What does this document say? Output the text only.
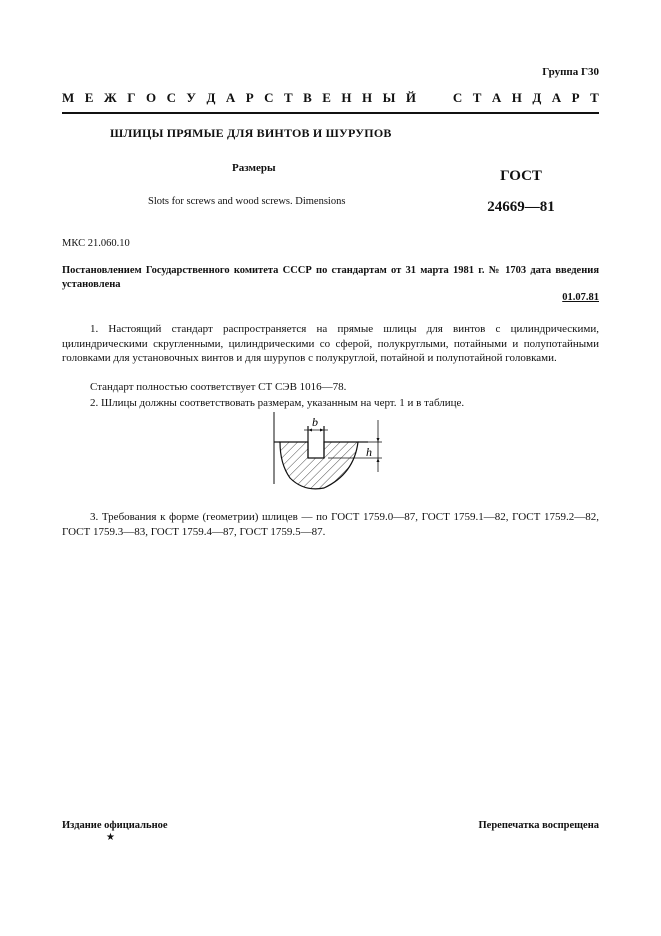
Группа Г30
М Е Ж Г О С У Д А Р С Т В Е Н Н Ы Й	С Т А Н Д А Р Т
ШЛИЦЫ ПРЯМЫЕ ДЛЯ ВИНТОВ И ШУРУПОВ
Размеры
Slots for screws and wood screws. Dimensions
ГОСТ
24669—81
МКС 21.060.10
Постановлением Государственного комитета СССР по стандартам от 31 марта 1981 г. № 1703 дата введения установлена
01.07.81
1. Настоящий стандарт распространяется на прямые шлицы для винтов с цилиндрическими, цилиндрическими скругленными, цилиндрическими со сферой, полукруглыми, потайными и полупотайными головками для установочных винтов и для шурупов с полукруглой, потайной и полупотайной головками.
Стандарт полностью соответствует СТ СЭВ 1016—78.
2. Шлицы должны соответствовать размерам, указанным на черт. 1 и в таблице.
b
h
3. Требования к форме (геометрии) шлицев — по ГОСТ 1759.0—87, ГОСТ 1759.1—82, ГОСТ 1759.2—82, ГОСТ 1759.3—83, ГОСТ 1759.4—87, ГОСТ 1759.5—87.
Издание официальное
★
Перепечатка воспрещена
